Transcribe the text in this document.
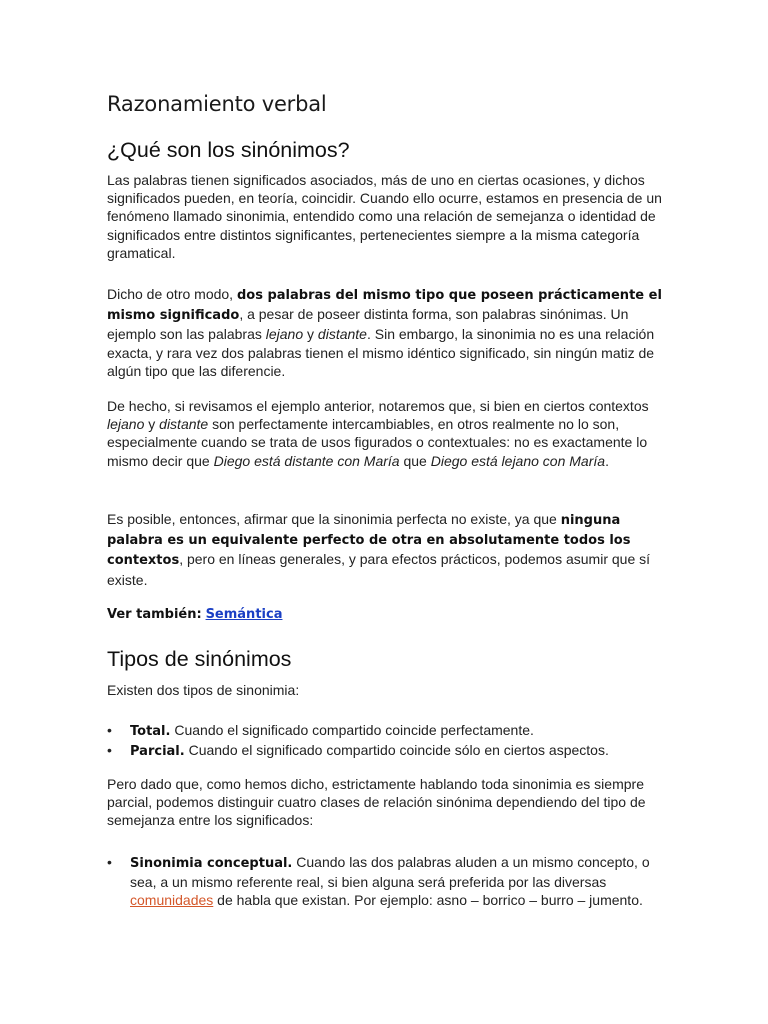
Razonamiento verbal
¿Qué son los sinónimos?

Las palabras tienen significados asociados, más de uno en ciertas ocasiones, y dichos significados pueden, en teoría, coincidir. Cuando ello ocurre, estamos en presencia de un fenómeno llamado sinonimia, entendido como una relación de semejanza o identidad de significados entre distintos significantes, pertenecientes siempre a la misma categoría gramatical.

Dicho de otro modo, dos palabras del mismo tipo que poseen prácticamente el mismo significado, a pesar de poseer distinta forma, son palabras sinónimas. Un ejemplo son las palabras lejano y distante. Sin embargo, la sinonimia no es una relación exacta, y rara vez dos palabras tienen el mismo idéntico significado, sin ningún matiz de algún tipo que las diferencie.

De hecho, si revisamos el ejemplo anterior, notaremos que, si bien en ciertos contextos lejano y distante son perfectamente intercambiables, en otros realmente no lo son, especialmente cuando se trata de usos figurados o contextuales: no es exactamente lo mismo decir que Diego está distante con María que Diego está lejano con María.

Es posible, entonces, afirmar que la sinonimia perfecta no existe, ya que ninguna palabra es un equivalente perfecto de otra en absolutamente todos los contextos, pero en líneas generales, y para efectos prácticos, podemos asumir que sí existe.

Ver también: Semántica

Tipos de sinónimos

Existen dos tipos de sinonimia:

• Total. Cuando el significado compartido coincide perfectamente.
• Parcial. Cuando el significado compartido coincide sólo en ciertos aspectos.

Pero dado que, como hemos dicho, estrictamente hablando toda sinonimia es siempre parcial, podemos distinguir cuatro clases de relación sinónima dependiendo del tipo de semejanza entre los significados:

• Sinonimia conceptual. Cuando las dos palabras aluden a un mismo concepto, o sea, a un mismo referente real, si bien alguna será preferida por las diversas comunidades de habla que existan. Por ejemplo: asno – borrico – burro – jumento.
